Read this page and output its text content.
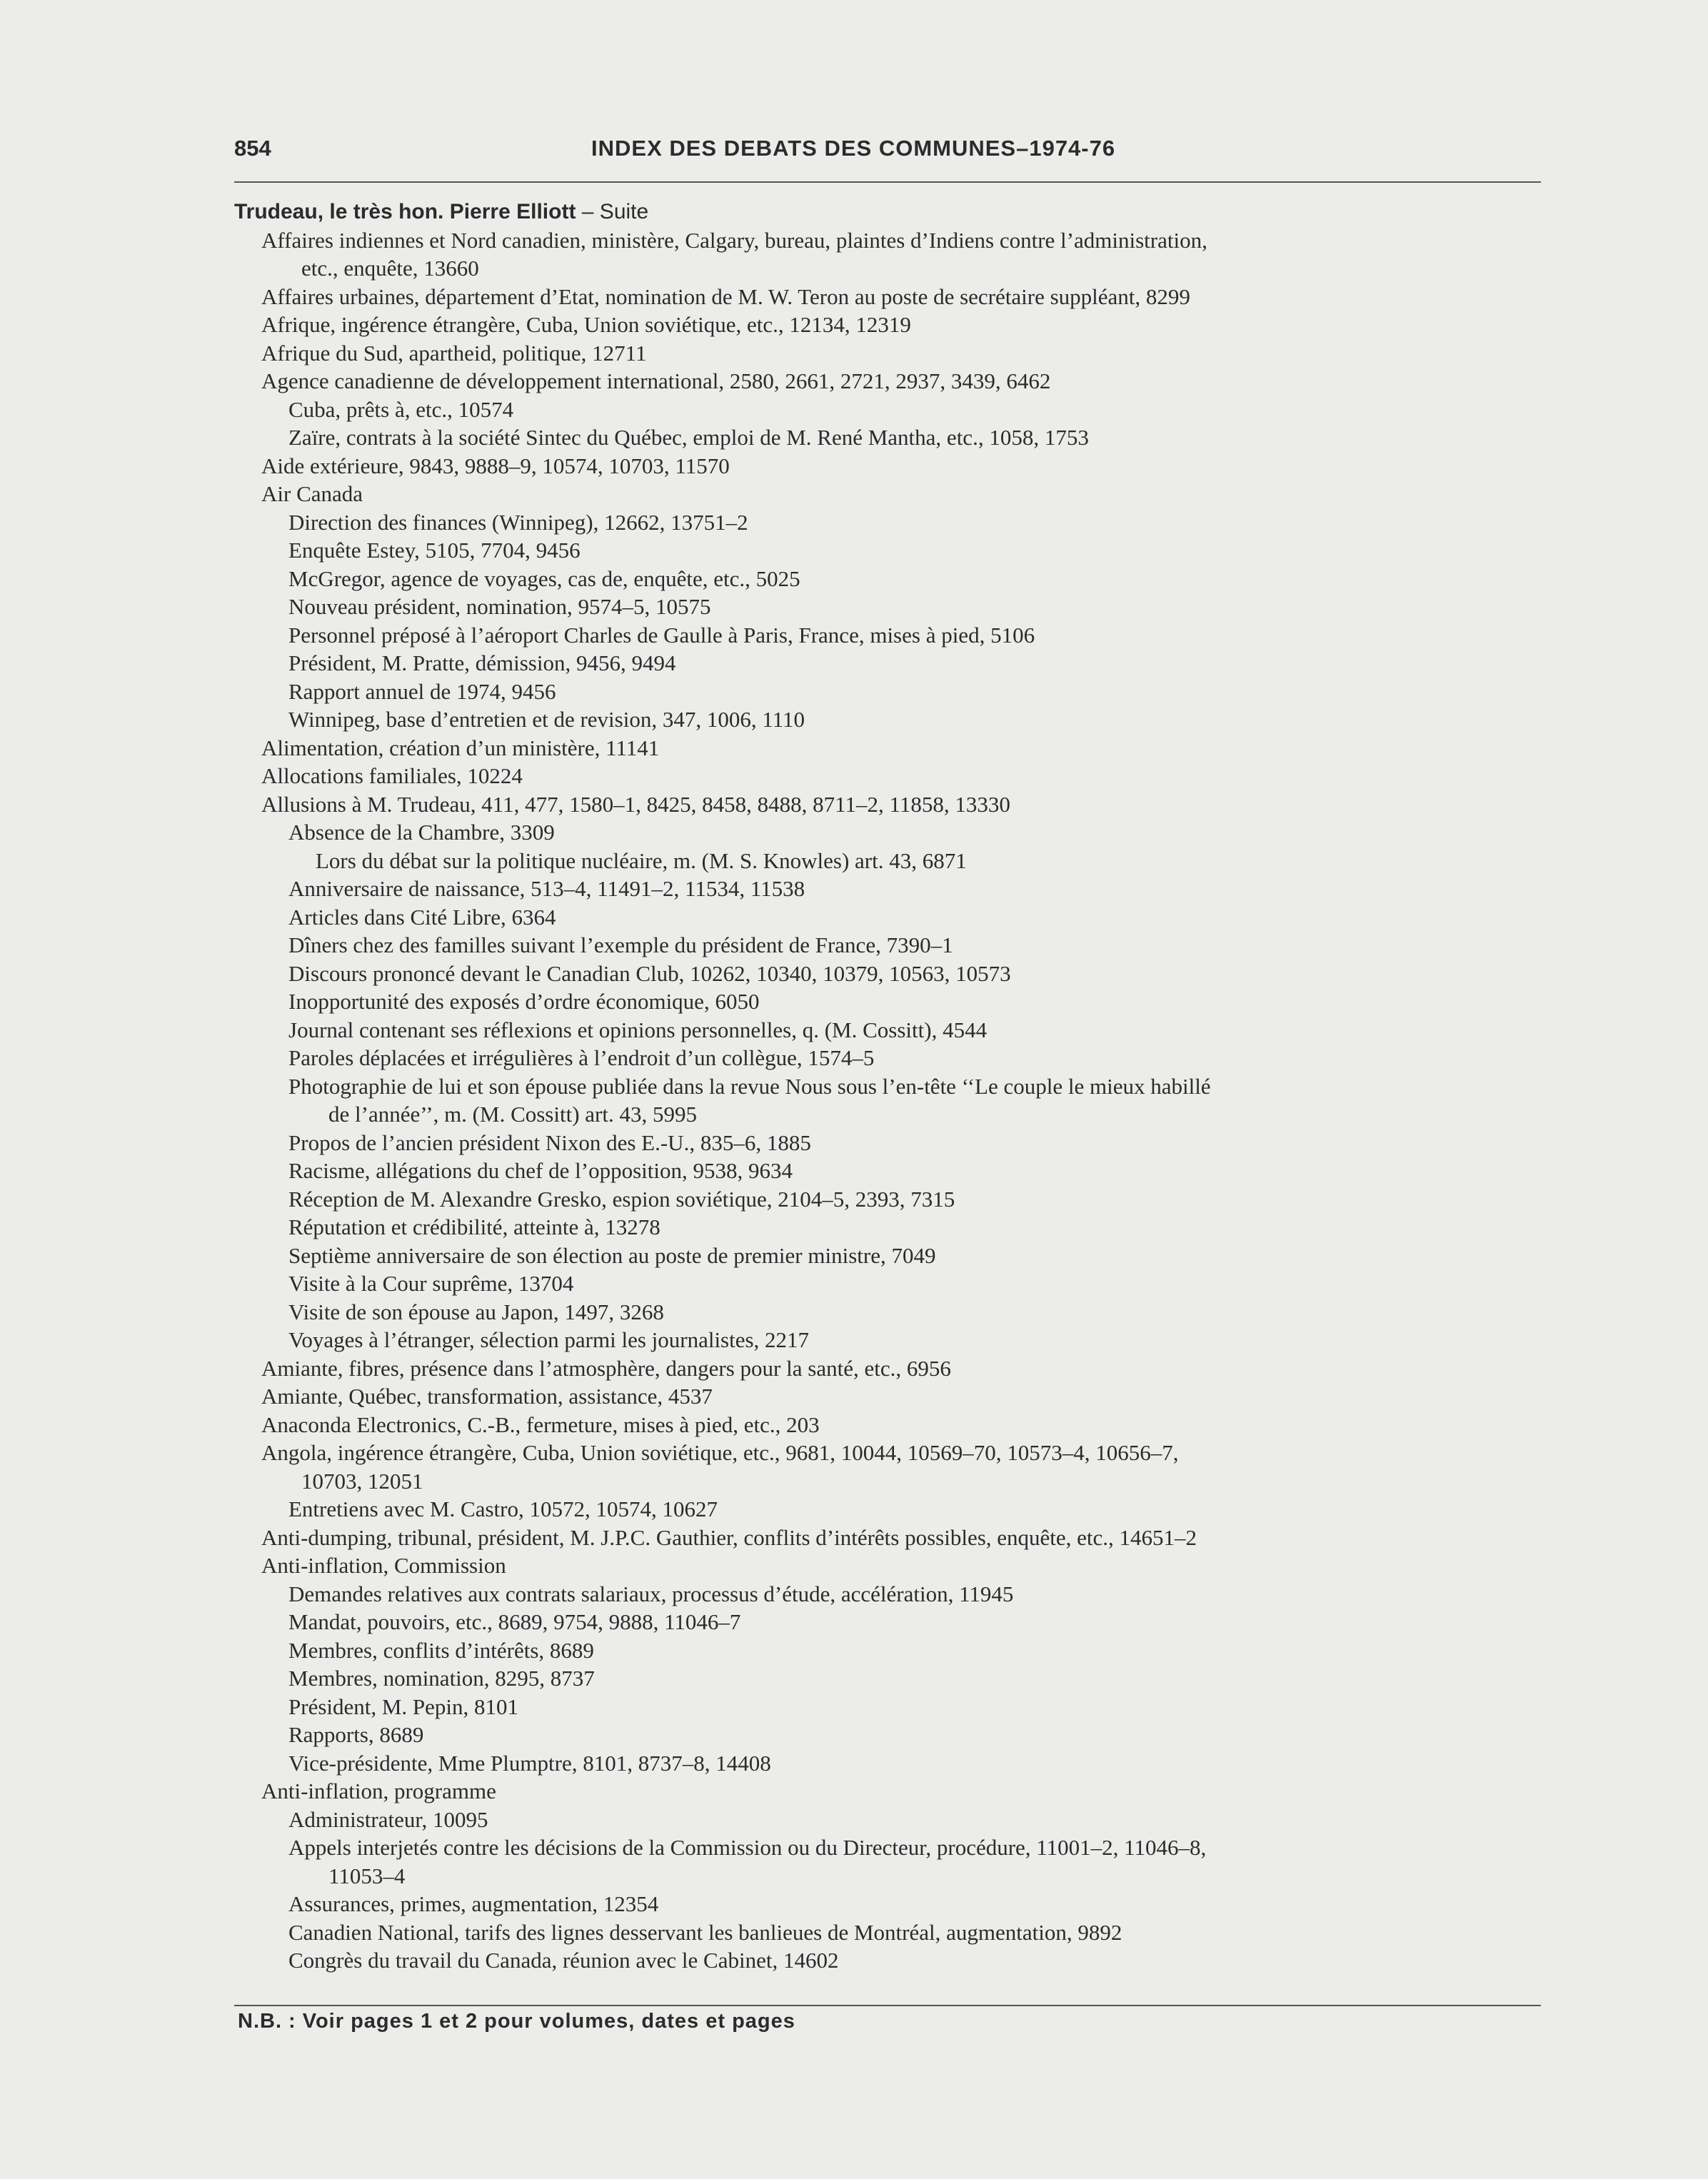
854	INDEX DES DEBATS DES COMMUNES–1974-76
Trudeau, le très hon. Pierre Elliott – Suite
Affaires indiennes et Nord canadien, ministère, Calgary, bureau, plaintes d’Indiens contre l’administration,
etc., enquête, 13660
Affaires urbaines, département d’Etat, nomination de M. W. Teron au poste de secrétaire suppléant, 8299
Afrique, ingérence étrangère, Cuba, Union soviétique, etc., 12134, 12319
Afrique du Sud, apartheid, politique, 12711
Agence canadienne de développement international, 2580, 2661, 2721, 2937, 3439, 6462
Cuba, prêts à, etc., 10574
Zaïre, contrats à la société Sintec du Québec, emploi de M. René Mantha, etc., 1058, 1753
Aide extérieure, 9843, 9888–9, 10574, 10703, 11570
Air Canada
Direction des finances (Winnipeg), 12662, 13751–2
Enquête Estey, 5105, 7704, 9456
McGregor, agence de voyages, cas de, enquête, etc., 5025
Nouveau président, nomination, 9574–5, 10575
Personnel préposé à l’aéroport Charles de Gaulle à Paris, France, mises à pied, 5106
Président, M. Pratte, démission, 9456, 9494
Rapport annuel de 1974, 9456
Winnipeg, base d’entretien et de revision, 347, 1006, 1110
Alimentation, création d’un ministère, 11141
Allocations familiales, 10224
Allusions à M. Trudeau, 411, 477, 1580–1, 8425, 8458, 8488, 8711–2, 11858, 13330
Absence de la Chambre, 3309
Lors du débat sur la politique nucléaire, m. (M. S. Knowles) art. 43, 6871
Anniversaire de naissance, 513–4, 11491–2, 11534, 11538
Articles dans Cité Libre, 6364
Dîners chez des familles suivant l’exemple du président de France, 7390–1
Discours prononcé devant le Canadian Club, 10262, 10340, 10379, 10563, 10573
Inopportunité des exposés d’ordre économique, 6050
Journal contenant ses réflexions et opinions personnelles, q. (M. Cossitt), 4544
Paroles déplacées et irrégulières à l’endroit d’un collègue, 1574–5
Photographie de lui et son épouse publiée dans la revue Nous sous l’en-tête ‘‘Le couple le mieux habillé
de l’année’’, m. (M. Cossitt) art. 43, 5995
Propos de l’ancien président Nixon des E.-U., 835–6, 1885
Racisme, allégations du chef de l’opposition, 9538, 9634
Réception de M. Alexandre Gresko, espion soviétique, 2104–5, 2393, 7315
Réputation et crédibilité, atteinte à, 13278
Septième anniversaire de son élection au poste de premier ministre, 7049
Visite à la Cour suprême, 13704
Visite de son épouse au Japon, 1497, 3268
Voyages à l’étranger, sélection parmi les journalistes, 2217
Amiante, fibres, présence dans l’atmosphère, dangers pour la santé, etc., 6956
Amiante, Québec, transformation, assistance, 4537
Anaconda Electronics, C.-B., fermeture, mises à pied, etc., 203
Angola, ingérence étrangère, Cuba, Union soviétique, etc., 9681, 10044, 10569–70, 10573–4, 10656–7,
10703, 12051
Entretiens avec M. Castro, 10572, 10574, 10627
Anti-dumping, tribunal, président, M. J.P.C. Gauthier, conflits d’intérêts possibles, enquête, etc., 14651–2
Anti-inflation, Commission
Demandes relatives aux contrats salariaux, processus d’étude, accélération, 11945
Mandat, pouvoirs, etc., 8689, 9754, 9888, 11046–7
Membres, conflits d’intérêts, 8689
Membres, nomination, 8295, 8737
Président, M. Pepin, 8101
Rapports, 8689
Vice-présidente, Mme Plumptre, 8101, 8737–8, 14408
Anti-inflation, programme
Administrateur, 10095
Appels interjetés contre les décisions de la Commission ou du Directeur, procédure, 11001–2, 11046–8,
11053–4
Assurances, primes, augmentation, 12354
Canadien National, tarifs des lignes desservant les banlieues de Montréal, augmentation, 9892
Congrès du travail du Canada, réunion avec le Cabinet, 14602
N.B. : Voir pages 1 et 2 pour volumes, dates et pages
